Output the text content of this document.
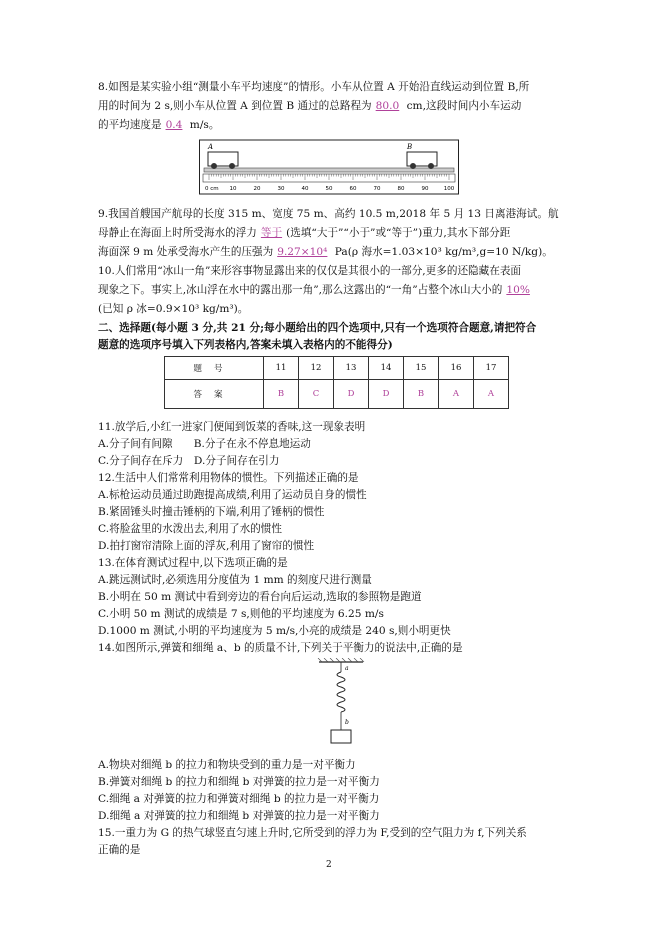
8.如图是某实验小组“测量小车平均速度”的情形。小车从位置 A 开始沿直线运动到位置 B,所
用的时间为 2 s,则小车从位置 A 到位置 B 通过的总路程为 80.0 cm,这段时间内小车运动
的平均速度是 0.4 m/s。
A	B
0 cm 10	20	30	40	50	60	70	80	90	100
9.我国首艘国产航母的长度 315 m、宽度 75 m、高约 10.5 m,2018 年 5 月 13 日离港海试。航
母静止在海面上时所受海水的浮力 等于 (选填“大于”“小于”或“等于”)重力,其水下部分距
海面深 9 m 处承受海水产生的压强为 9.27×10⁴ Pa(ρ 海水=1.03×10³ kg/m³,g=10 N/kg)。
10.人们常用“冰山一角”来形容事物显露出来的仅仅是其很小的一部分,更多的还隐藏在表面
现象之下。事实上,冰山浮在水中的露出那一角”,那么这露出的“一角”占整个冰山大小的 10%
(已知 ρ 冰=0.9×10³ kg/m³)。
二、选择题(每小题 3 分,共 21 分;每小题给出的四个选项中,只有一个选项符合题意,请把符合
题意的选项序号填入下列表格内,答案未填入表格内的不能得分)
题号	11	12	13	14	15	16	17
答案	B	C	D	D	B	A	A
11.放学后,小红一进家门便闻到饭菜的香味,这一现象表明
A.分子间有间隙　　B.分子在永不停息地运动
C.分子间存在斥力　D.分子间存在引力
12.生活中人们常常利用物体的惯性。下列描述正确的是
A.标枪运动员通过助跑提高成绩,利用了运动员自身的惯性
B.紧固锤头时撞击锤柄的下端,利用了锤柄的惯性
C.将脸盆里的水泼出去,利用了水的惯性
D.拍打窗帘清除上面的浮灰,利用了窗帘的惯性
13.在体育测试过程中,以下选项正确的是
A.跳远测试时,必须选用分度值为 1 mm 的刻度尺进行测量
B.小明在 50 m 测试中看到旁边的看台向后运动,选取的参照物是跑道
C.小明 50 m 测试的成绩是 7 s,则他的平均速度为 6.25 m/s
D.1000 m 测试,小明的平均速度为 5 m/s,小亮的成绩是 240 s,则小明更快
14.如图所示,弹簧和细绳 a、b 的质量不计,下列关于平衡力的说法中,正确的是
a
b
A.物块对细绳 b 的拉力和物块受到的重力是一对平衡力
B.弹簧对细绳 b 的拉力和细绳 b 对弹簧的拉力是一对平衡力
C.细绳 a 对弹簧的拉力和弹簧对细绳 b 的拉力是一对平衡力
D.细绳 a 对弹簧的拉力和细绳 b 对弹簧的拉力是一对平衡力
15.一重力为 G 的热气球竖直匀速上升时,它所受到的浮力为 F,受到的空气阻力为 f,下列关系
正确的是
2
